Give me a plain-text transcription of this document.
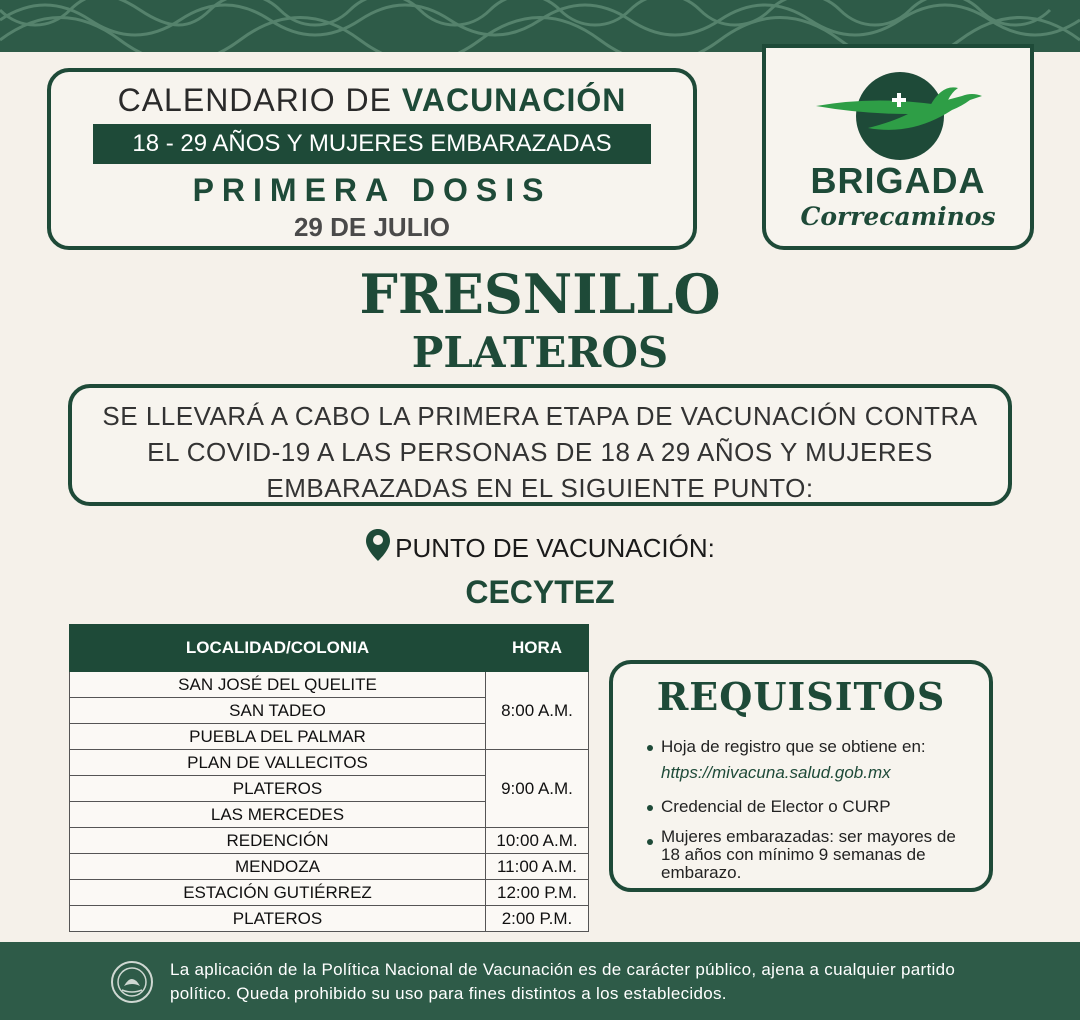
CALENDARIO DE VACUNACIÓN
18 - 29 AÑOS Y MUJERES EMBARAZADAS
PRIMERA DOSIS
29 DE JULIO
BRIGADA
Correcaminos
FRESNILLO
PLATEROS
SE LLEVARÁ A CABO LA PRIMERA ETAPA DE VACUNACIÓN CONTRA EL COVID-19 A LAS PERSONAS DE 18 A 29 AÑOS Y MUJERES EMBARAZADAS EN EL SIGUIENTE PUNTO:
PUNTO DE VACUNACIÓN:
CECYTEZ
LOCALIDAD/COLONIA	HORA
SAN JOSÉ DEL QUELITE	8:00 A.M.
SAN TADEO	
PUEBLA DEL PALMAR	
PLAN DE VALLECITOS	9:00 A.M.
PLATEROS	
LAS MERCEDES	
REDENCIÓN	10:00 A.M.
MENDOZA	11:00 A.M.
ESTACIÓN GUTIÉRREZ	12:00 P.M.
PLATEROS	2:00 P.M.
REQUISITOS
Hoja de registro que se obtiene en: https://mivacuna.salud.gob.mx
Credencial de Elector o CURP
Mujeres embarazadas: ser mayores de 18 años con mínimo 9 semanas de embarazo.
La aplicación de la Política Nacional de Vacunación es de carácter público, ajena a cualquier partido político. Queda prohibido su uso para fines distintos a los establecidos.
